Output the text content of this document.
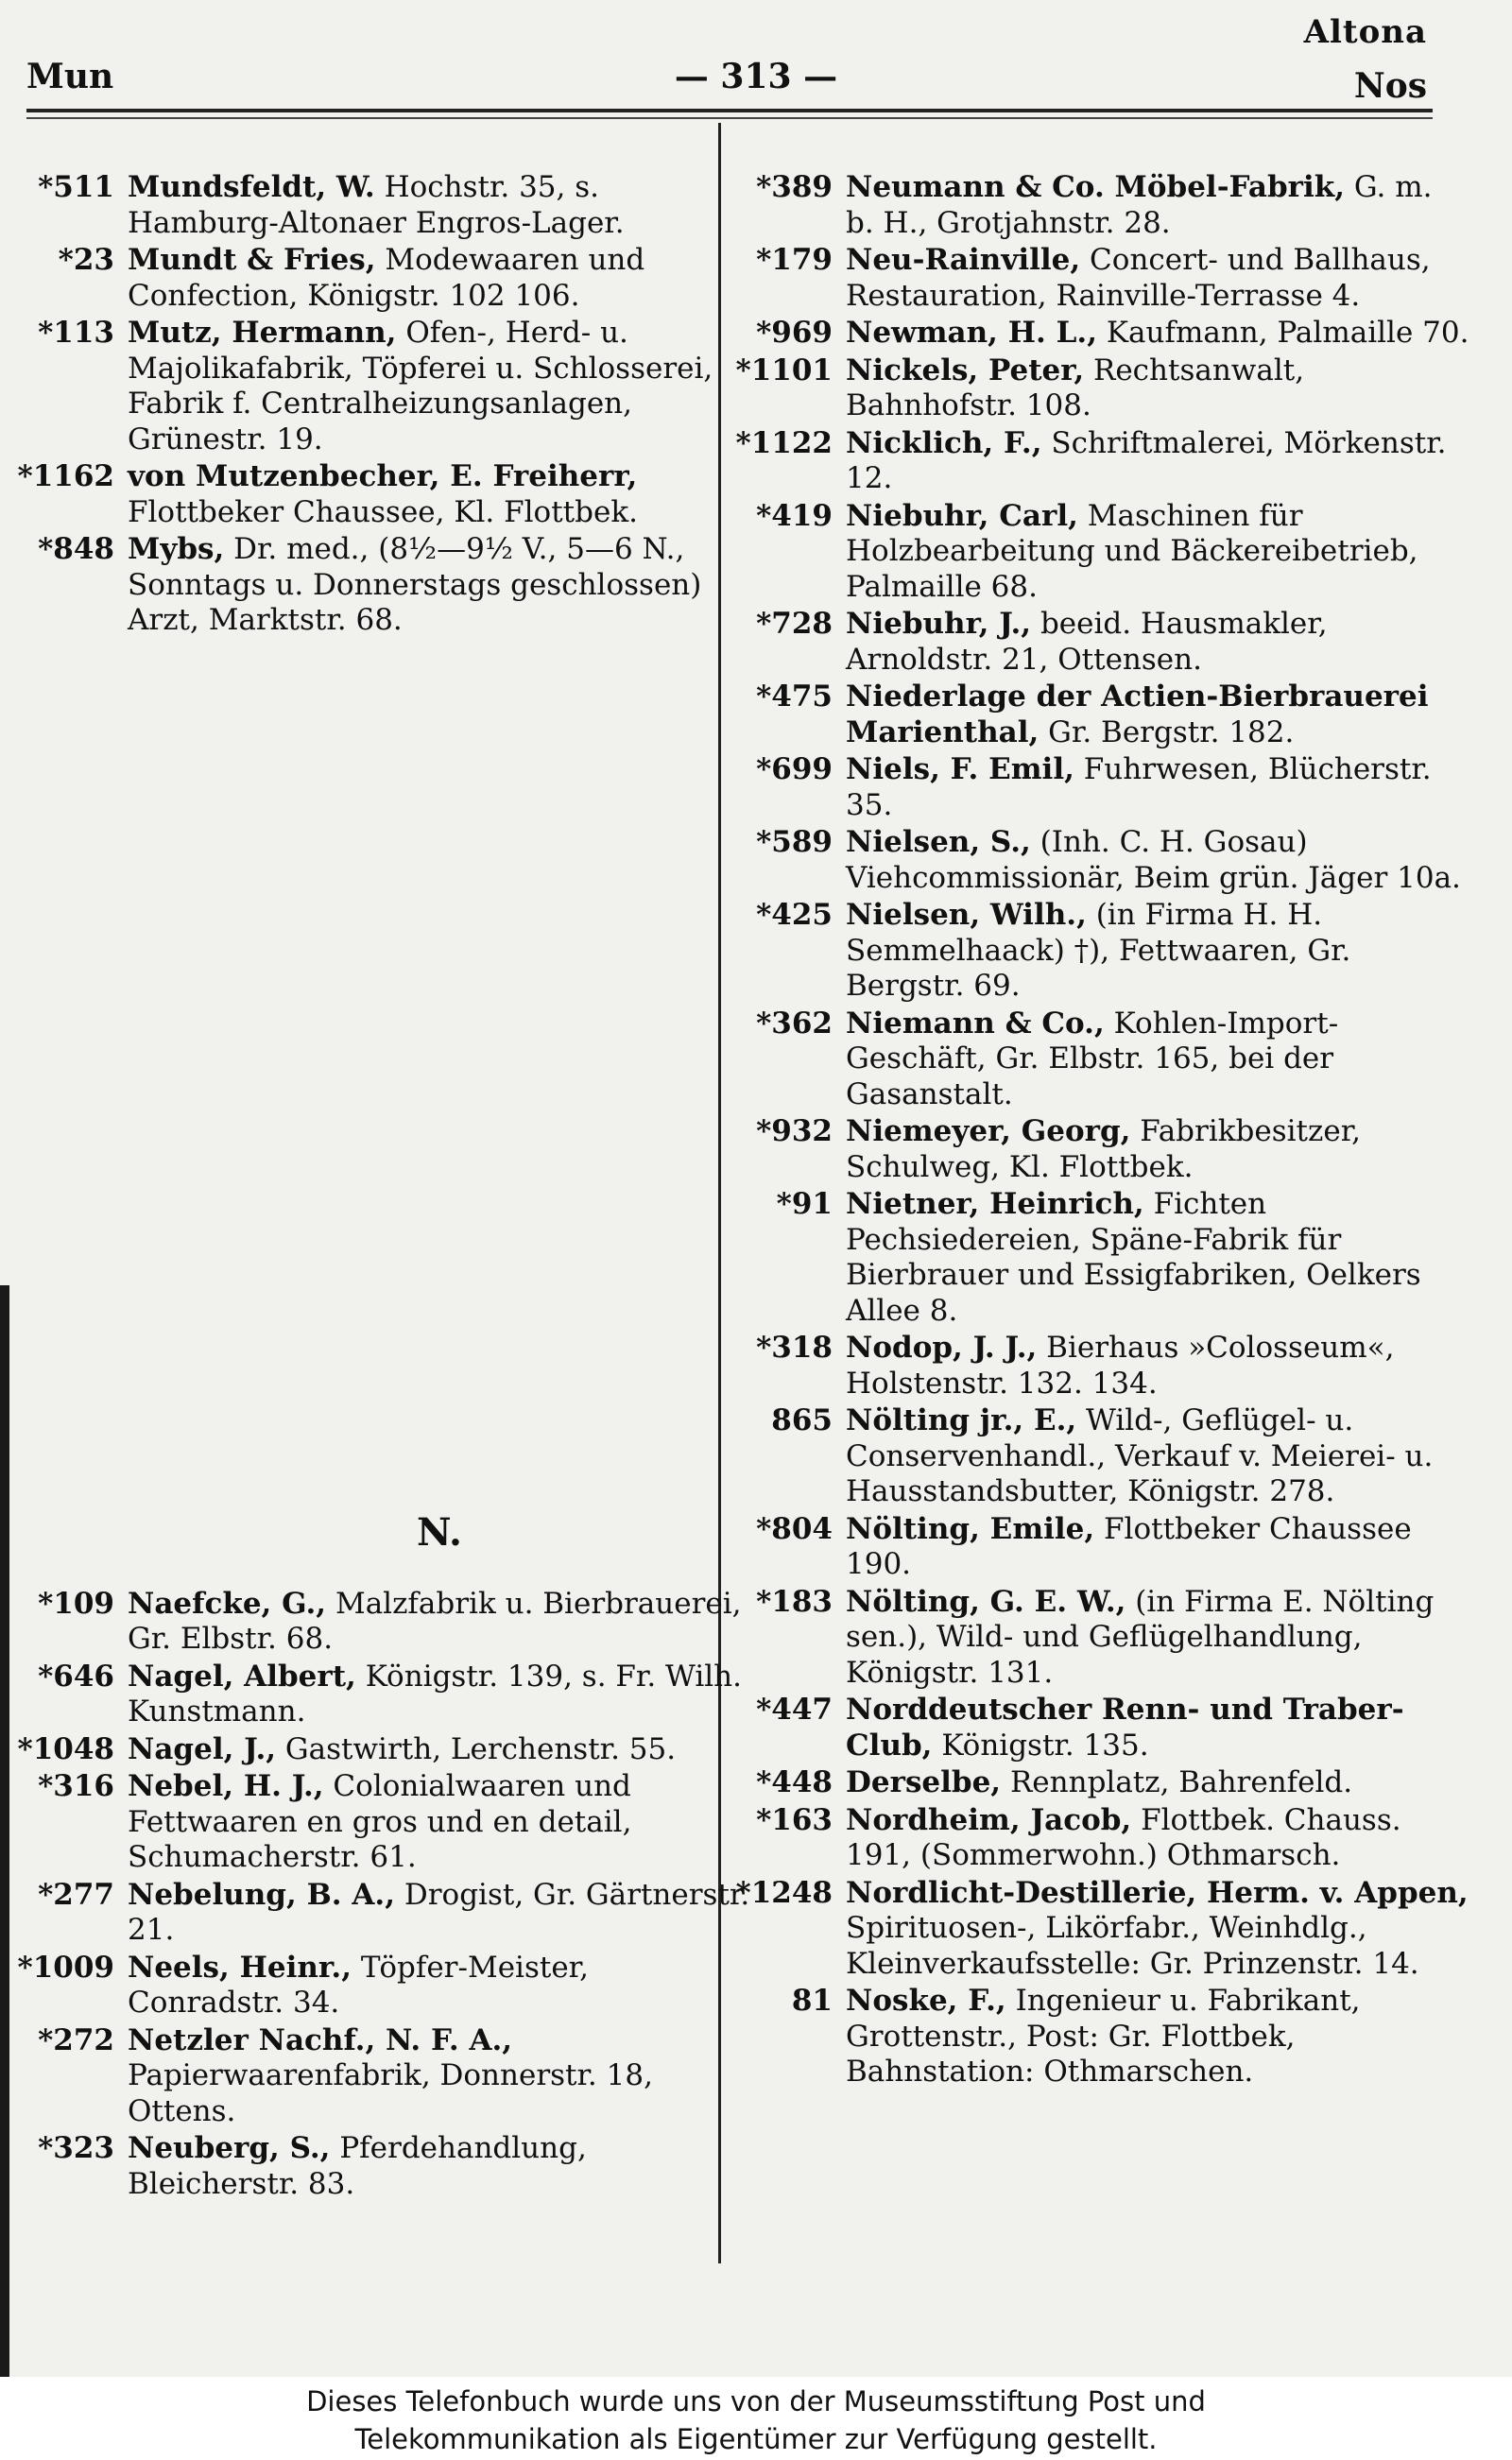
Altona
Mun	— 313 —	Nos
*511 Mundsfeldt, W. Hochstr. 35, s. Hamburg-Altonaer Engros-Lager.
*23 Mundt & Fries, Modewaaren und Confection, Königstr. 102 106.
*113 Mutz, Hermann, Ofen-, Herd- u. Majolikafabrik, Töpferei u. Schlosserei, Fabrik f. Centralheizungsanlagen, Grünestr. 19.
*1162 von Mutzenbecher, E. Freiherr, Flottbeker Chaussee, Kl. Flottbek.
*848 Mybs, Dr. med., (8½—9½ V., 5—6 N., Sonntags u. Donnerstags geschlossen) Arzt, Marktstr. 68.
N.
*109 Naefcke, G., Malzfabrik u. Bierbrauerei, Gr. Elbstr. 68.
*646 Nagel, Albert, Königstr. 139, s. Fr. Wilh. Kunstmann.
*1048 Nagel, J., Gastwirth, Lerchenstr. 55.
*316 Nebel, H. J., Colonialwaaren und Fettwaaren en gros und en detail, Schumacherstr. 61.
*277 Nebelung, B. A., Drogist, Gr. Gärtnerstr. 21.
*1009 Neels, Heinr., Töpfer-Meister, Conradstr. 34.
*272 Netzler Nachf., N. F. A., Papierwaarenfabrik, Donnerstr. 18, Ottens.
*323 Neuberg, S., Pferdehandlung, Bleicherstr. 83.
*389 Neumann & Co. Möbel-Fabrik, G. m. b. H., Grotjahnstr. 28.
*179 Neu-Rainville, Concert- und Ballhaus, Restauration, Rainville-Terrasse 4.
*969 Newman, H. L., Kaufmann, Palmaille 70.
*1101 Nickels, Peter, Rechtsanwalt, Bahnhofstr. 108.
*1122 Nicklich, F., Schriftmalerei, Mörkenstr. 12.
*419 Niebuhr, Carl, Maschinen für Holzbearbeitung und Bäckereibetrieb, Palmaille 68.
*728 Niebuhr, J., beeid. Hausmakler, Arnoldstr. 21, Ottensen.
*475 Niederlage der Actien-Bierbrauerei Marienthal, Gr. Bergstr. 182.
*699 Niels, F. Emil, Fuhrwesen, Blücherstr. 35.
*589 Nielsen, S., (Inh. C. H. Gosau) Viehcommissionär, Beim grün. Jäger 10a.
*425 Nielsen, Wilh., (in Firma H. H. Semmelhaack) †), Fettwaaren, Gr. Bergstr. 69.
*362 Niemann & Co., Kohlen-Import-Geschäft, Gr. Elbstr. 165, bei der Gasanstalt.
*932 Niemeyer, Georg, Fabrikbesitzer, Schulweg, Kl. Flottbek.
*91 Nietner, Heinrich, Fichten Pechsiedereien, Späne-Fabrik für Bierbrauer und Essigfabriken, Oelkers Allee 8.
*318 Nodop, J. J., Bierhaus »Colosseum«, Holstenstr. 132. 134.
865 Nölting jr., E., Wild-, Geflügel- u. Conservenhandl., Verkauf v. Meierei- u. Hausstandsbutter, Königstr. 278.
*804 Nölting, Emile, Flottbeker Chaussee 190.
*183 Nölting, G. E. W., (in Firma E. Nölting sen.), Wild- und Geflügelhandlung, Königstr. 131.
*447 Norddeutscher Renn- und Traber-Club, Königstr. 135.
*448 Derselbe, Rennplatz, Bahrenfeld.
*163 Nordheim, Jacob, Flottbek. Chauss. 191, (Sommerwohn.) Othmarsch.
*1248 Nordlicht-Destillerie, Herm. v. Appen, Spirituosen-, Likörfabr., Weinhdlg., Kleinverkaufsstelle: Gr. Prinzenstr. 14.
81 Noske, F., Ingenieur u. Fabrikant, Grottenstr., Post: Gr. Flottbek, Bahnstation: Othmarschen.
Dieses Telefonbuch wurde uns von der Museumsstiftung Post und
Telekommunikation als Eigentümer zur Verfügung gestellt.
